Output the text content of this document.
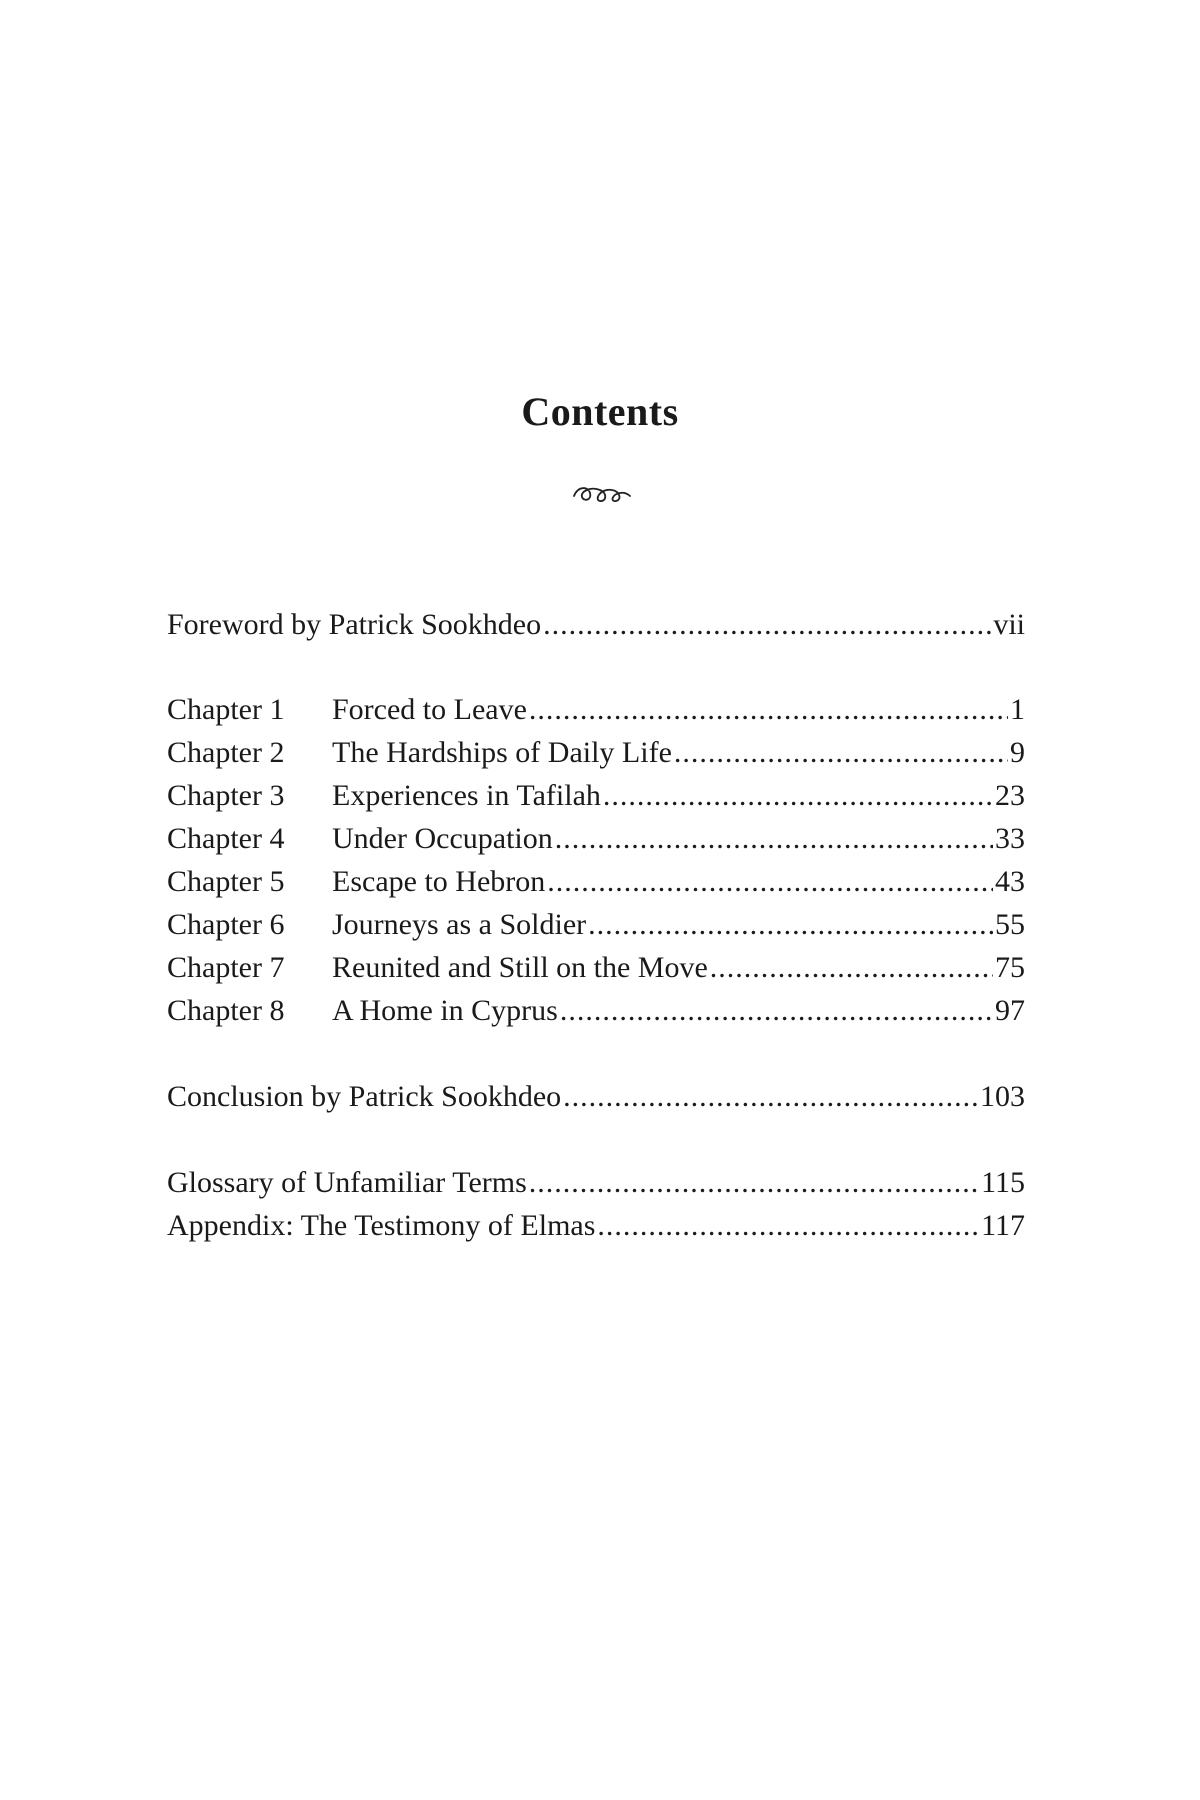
Contents
Foreword by Patrick Sookhdeo .....	vii
Chapter 1	Forced to Leave .....	1
Chapter 2	The Hardships of Daily Life .....	9
Chapter 3	Experiences in Tafilah .....	23
Chapter 4	Under Occupation .....	33
Chapter 5	Escape to Hebron .....	43
Chapter 6	Journeys as a Soldier .....	55
Chapter 7	Reunited and Still on the Move .....	75
Chapter 8	A Home in Cyprus .....	97
Conclusion by Patrick Sookhdeo .....	103
Glossary of Unfamiliar Terms .....	115
Appendix: The Testimony of Elmas .....	117
